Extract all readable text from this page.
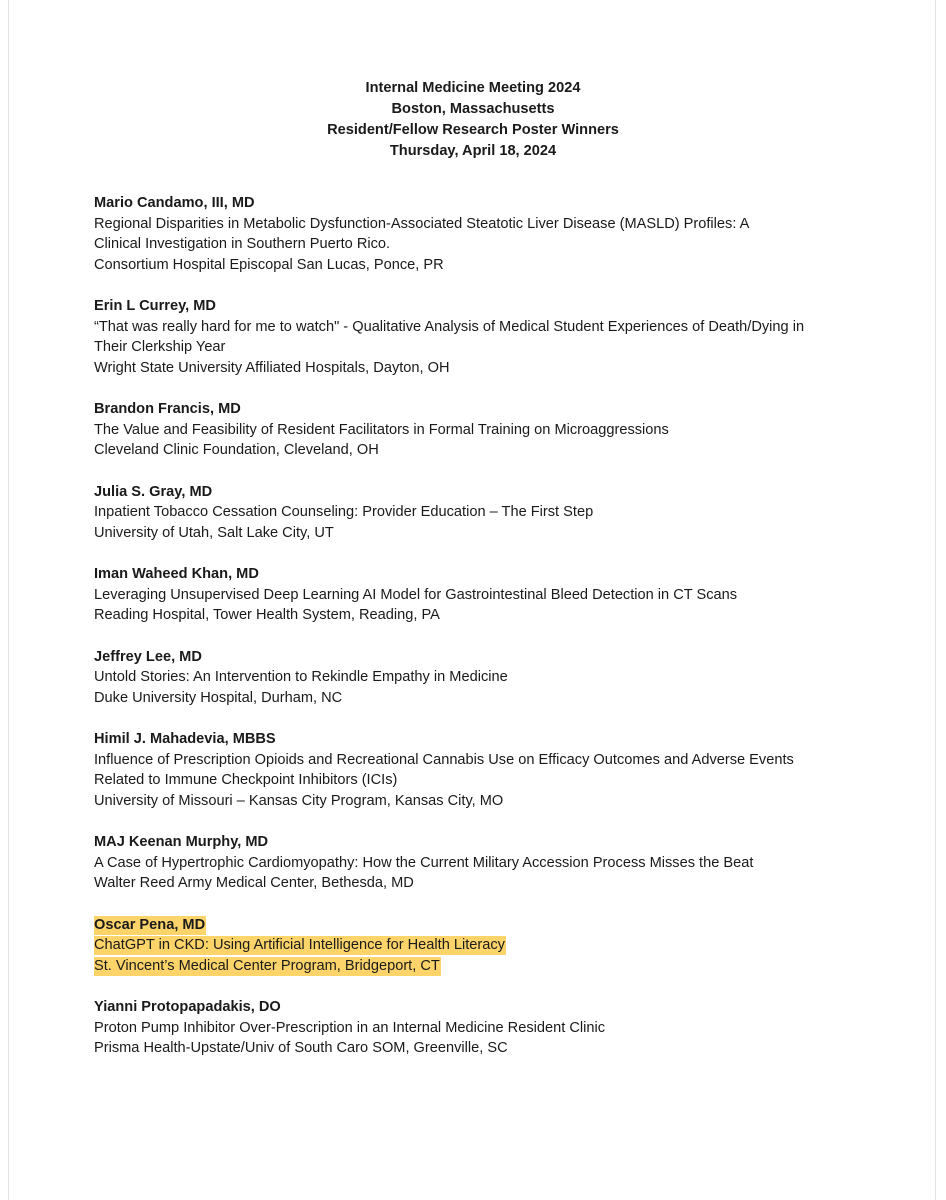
Internal Medicine Meeting 2024
Boston, Massachusetts
Resident/Fellow Research Poster Winners
Thursday, April 18, 2024
Mario Candamo, III, MD
Regional Disparities in Metabolic Dysfunction-Associated Steatotic Liver Disease (MASLD) Profiles: A
Clinical Investigation in Southern Puerto Rico.
Consortium Hospital Episcopal San Lucas, Ponce, PR
Erin L Currey, MD
“That was really hard for me to watch" - Qualitative Analysis of Medical Student Experiences of Death/Dying in
Their Clerkship Year
Wright State University Affiliated Hospitals, Dayton, OH
Brandon Francis, MD
The Value and Feasibility of Resident Facilitators in Formal Training on Microaggressions
Cleveland Clinic Foundation, Cleveland, OH
Julia S. Gray, MD
Inpatient Tobacco Cessation Counseling: Provider Education – The First Step
University of Utah, Salt Lake City, UT
Iman Waheed Khan, MD
Leveraging Unsupervised Deep Learning AI Model for Gastrointestinal Bleed Detection in CT Scans
Reading Hospital, Tower Health System, Reading, PA
Jeffrey Lee, MD
Untold Stories: An Intervention to Rekindle Empathy in Medicine
Duke University Hospital, Durham, NC
Himil J. Mahadevia, MBBS
Influence of Prescription Opioids and Recreational Cannabis Use on Efficacy Outcomes and Adverse Events
Related to Immune Checkpoint Inhibitors (ICIs)
University of Missouri – Kansas City Program, Kansas City, MO
MAJ Keenan Murphy, MD
A Case of Hypertrophic Cardiomyopathy: How the Current Military Accession Process Misses the Beat
Walter Reed Army Medical Center, Bethesda, MD
Oscar Pena, MD
ChatGPT in CKD: Using Artificial Intelligence for Health Literacy
St. Vincent’s Medical Center Program, Bridgeport, CT
Yianni Protopapadakis, DO
Proton Pump Inhibitor Over-Prescription in an Internal Medicine Resident Clinic
Prisma Health-Upstate/Univ of South Caro SOM, Greenville, SC
